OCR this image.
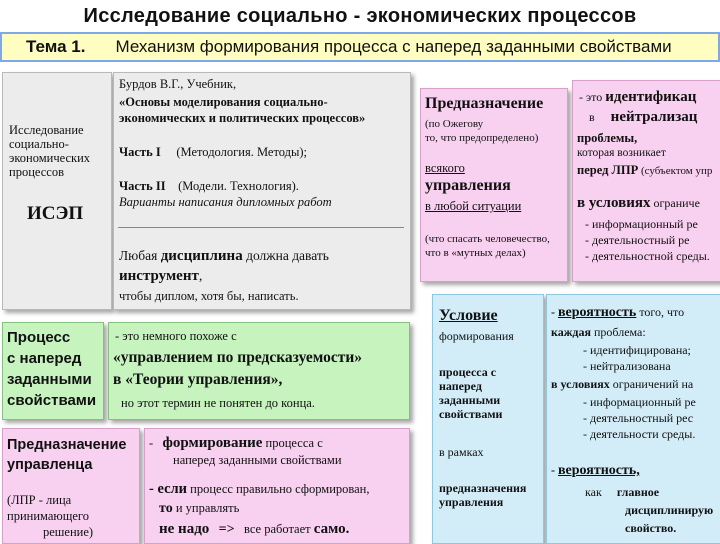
Исследование социально - экономических процессов
Тема 1. Механизм формирования процесса с наперед заданными свойствами
Исследование
социально-
экономических
процессов
ИСЭП
Бурдов В.Г., Учебник,
«Основы моделирования социально-
экономических и политических процессов»
Часть I (Методология. Методы);
Часть II (Модели. Технология).
Варианты написания дипломных работ
Любая дисциплина должна давать
инструмент,
чтобы диплом, хотя бы, написать.
Предназначение
(по Ожегову
то, что предопределено)
всякого
управления
в любой ситуации
(что спасать человечество,
что в «мутных делах)
- это идентификац
в нейтрализац
проблемы,
которая возникает
перед ЛПР (субъектом упр
в условиях ограниче
- информационный ре
- деятельностный ре
- деятельностной среды.
Процесс
с наперед
заданными
свойствами
- это немного похоже с
«управлением по предсказуемости»
в «Теории управления»,
но этот термин не понятен до конца.
Предназначение
управленца
(ЛПР - лица
принимающего
решение)
- формирование процесса с
наперед заданными свойствами
- если процесс правильно сформирован,
то и управлять
не надо => все работает само.
Условие
формирования
процесса с
наперед
заданными
свойствами
в рамках
предназначения
управления
- вероятность того, что
каждая проблема:
- идентифицирована;
- нейтрализована
в условиях ограничений на
- информационный ре
- деятельностный рес
- деятельности среды.
- вероятность,
как главное
дисциплинирую
свойство.
